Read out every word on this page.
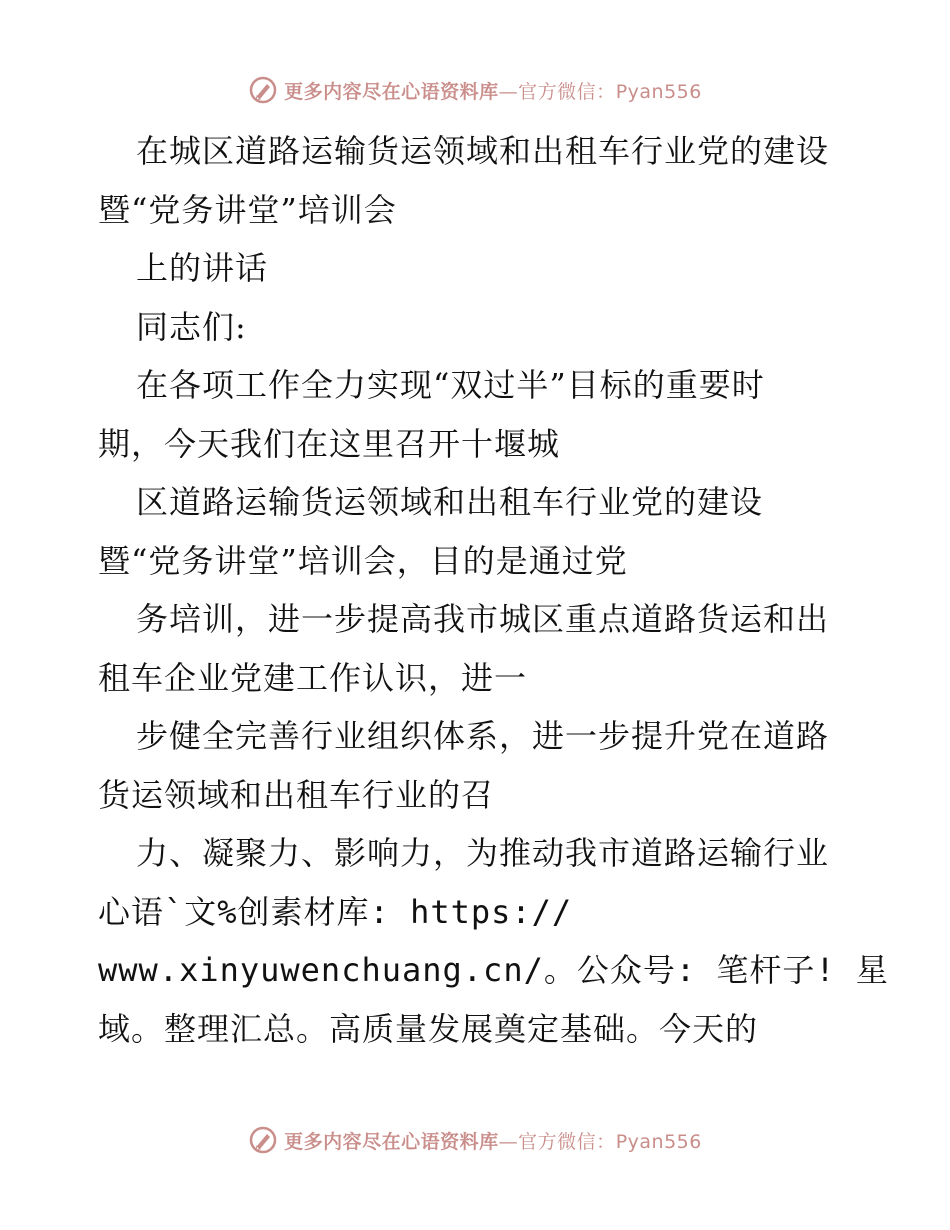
更多内容尽在心语资料库—官方微信：Pyan556
在城区道路运输货运领域和出租车行业党的建设
暨“党务讲堂”培训会
上的讲话
同志们:
在各项工作全力实现“双过半”目标的重要时
期，今天我们在这里召开十堰城
区道路运输货运领域和出租车行业党的建设
暨“党务讲堂”培训会，目的是通过党
务培训，进一步提高我市城区重点道路货运和出
租车企业党建工作认识，进一
步健全完善行业组织体系，进一步提升党在道路
货运领域和出租车行业的召
力、凝聚力、影响力，为推动我市道路运输行业
心语`文%创素材库: https://
www.xinyuwenchuang.cn/。公众号: 笔杆子! 星
域。整理汇总。高质量发展奠定基础。今天的
更多内容尽在心语资料库—官方微信：Pyan556
